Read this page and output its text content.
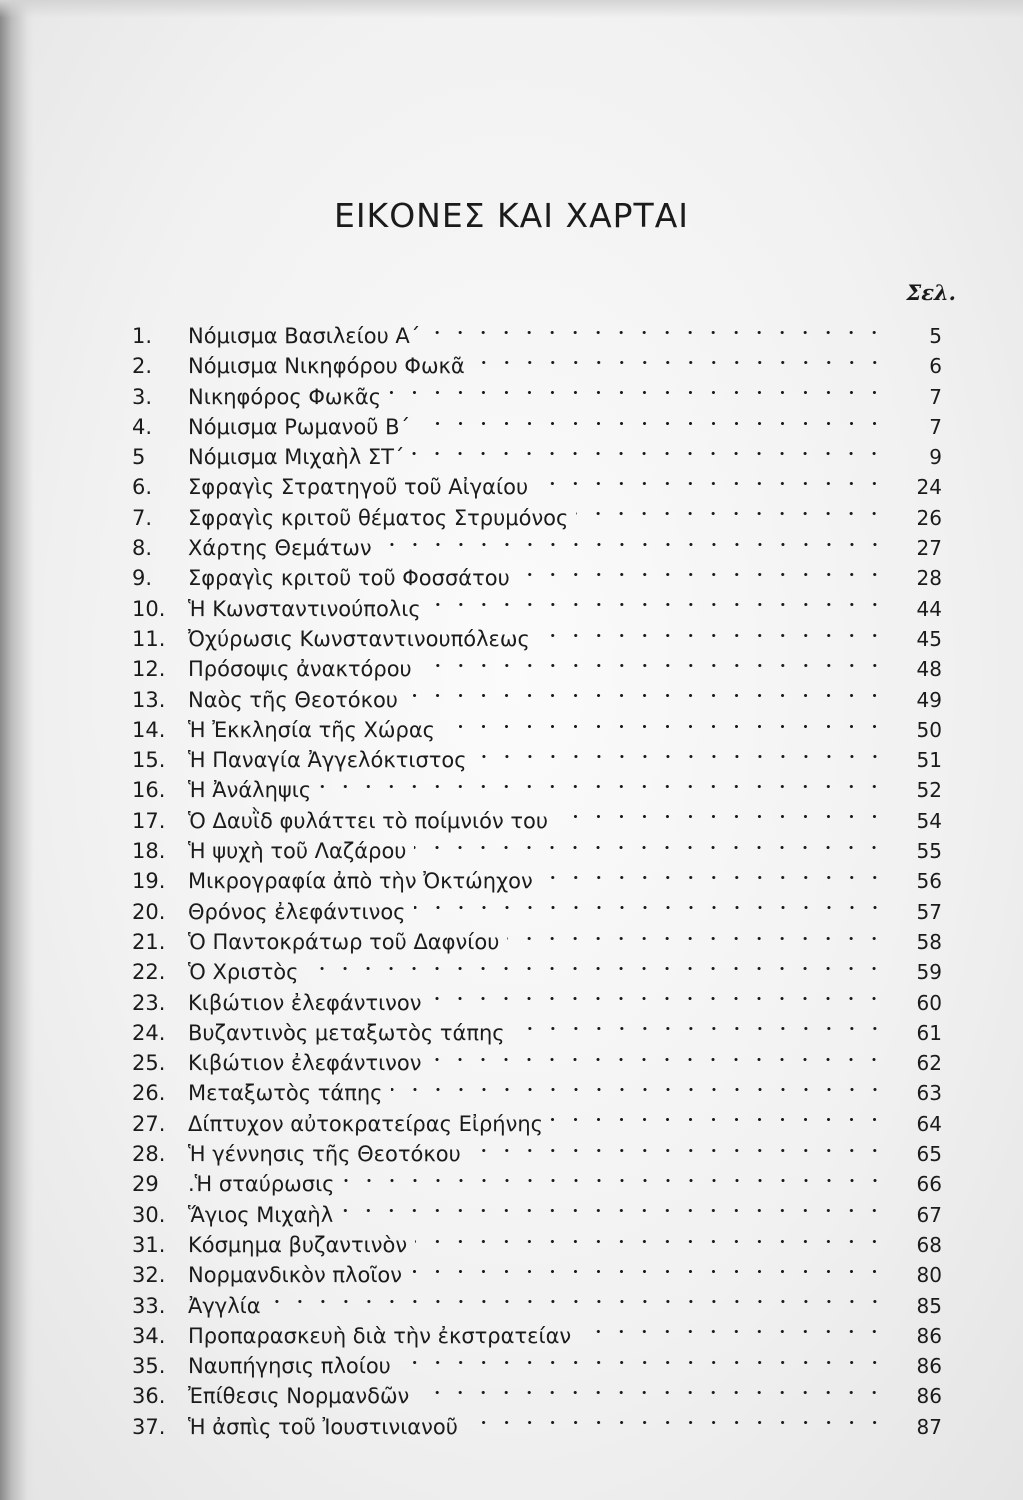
ΕΙΚΟΝΕΣ ΚΑΙ ΧΑΡΤΑΙ
Σελ.
1.	Νόμισμα Βασιλείου Α΄	5
2.	Νόμισμα Νικηφόρου Φωκᾶ	6
3.	Νικηφόρος Φωκᾶς	7
4.	Νόμισμα Ρωμανοῦ Β΄	7
5	Νόμισμα Μιχαὴλ ΣΤ΄	9
6.	Σφραγὶς Στρατηγοῦ τοῦ Αἰγαίου	24
7.	Σφραγὶς κριτοῦ θέματος Στρυμόνος	26
8.	Χάρτης Θεμάτων	27
9.	Σφραγὶς κριτοῦ τοῦ Φοσσάτου	28
10.	Ἡ Κωνσταντινούπολις	44
11.	Ὀχύρωσις Κωνσταντινουπόλεως	45
12.	Πρόσοψις ἀνακτόρου	48
13.	Ναὸς τῆς Θεοτόκου	49
14.	Ἡ Ἐκκλησία τῆς Χώρας	50
15.	Ἡ Παναγία Ἀγγελόκτιστος	51
16.	Ἡ Ἀνάληψις	52
17.	Ὁ Δαυῒδ φυλάττει τὸ ποίμνιόν του	54
18.	Ἡ ψυχὴ τοῦ Λαζάρου	55
19.	Μικρογραφία ἀπὸ τὴν Ὀκτώηχον	56
20.	Θρόνος ἐλεφάντινος	57
21.	Ὁ Παντοκράτωρ τοῦ Δαφνίου	58
22.	Ὁ Χριστὸς	59
23.	Κιβώτιον ἐλεφάντινον	60
24.	Βυζαντινὸς μεταξωτὸς τάπης	61
25.	Κιβώτιον ἐλεφάντινον	62
26.	Μεταξωτὸς τάπης	63
27.	Δίπτυχον αὐτοκρατείρας Εἰρήνης	64
28.	Ἡ γέννησις τῆς Θεοτόκου	65
29	.Ἡ σταύρωσις	66
30.	Ἅγιος Μιχαὴλ	67
31.	Κόσμημα βυζαντινὸν	68
32.	Νορμανδικὸν πλοῖον	80
33.	Ἀγγλία	85
34.	Προπαρασκευὴ διὰ τὴν ἐκστρατείαν	86
35.	Ναυπήγησις πλοίου	86
36.	Ἐπίθεσις Νορμανδῶν	86
37.	Ἡ ἀσπὶς τοῦ Ἰουστινιανοῦ	87
